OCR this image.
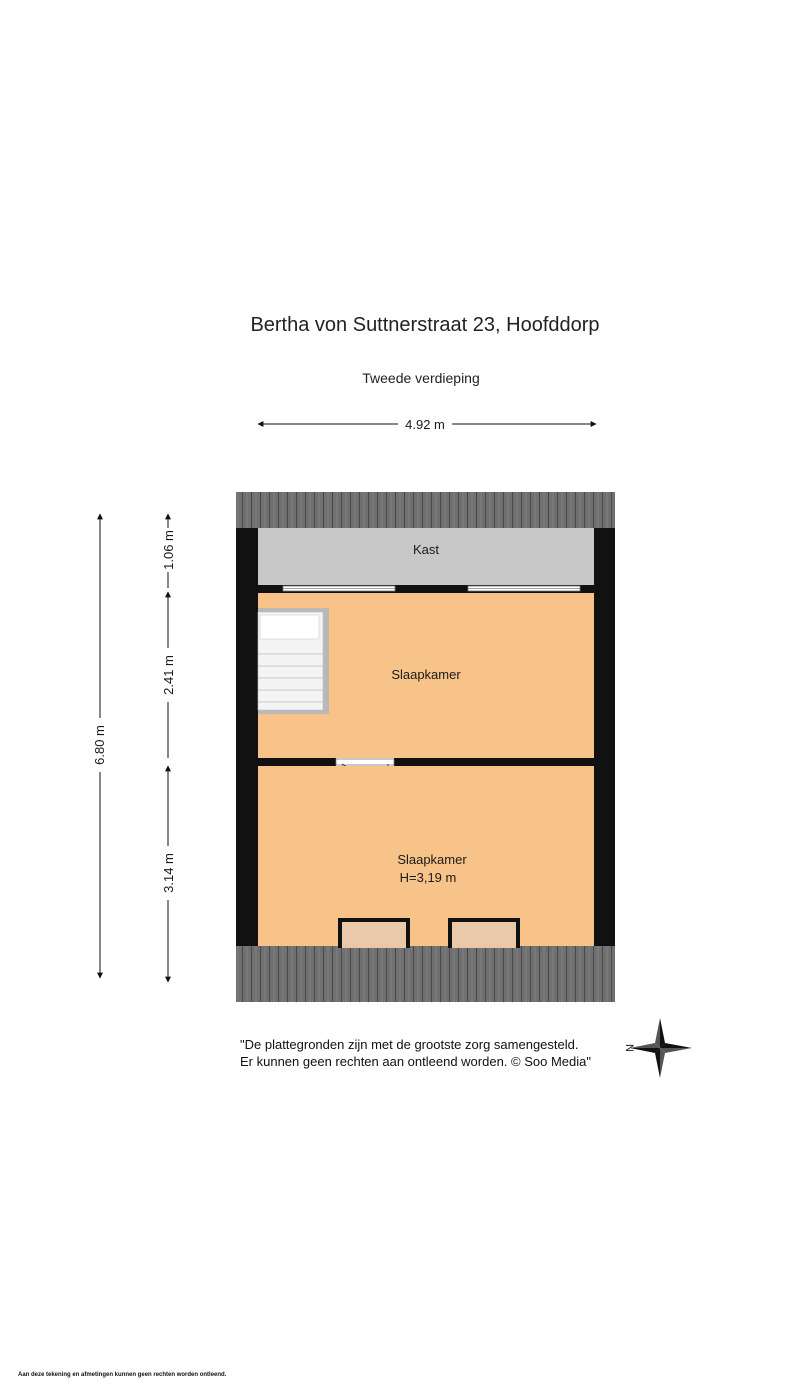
Bertha von Suttnerstraat 23, Hoofddorp
Tweede verdieping
4.92 m
6.80 m
1.06 m
2.41 m
3.14 m
Kast
Slaapkamer
Slaapkamer
H=3,19 m
N
"De plattegronden zijn met de grootste zorg samengesteld.
Er kunnen geen rechten aan ontleend worden. © Soo Media"
Aan deze tekening en afmetingen kunnen geen rechten worden ontleend.
